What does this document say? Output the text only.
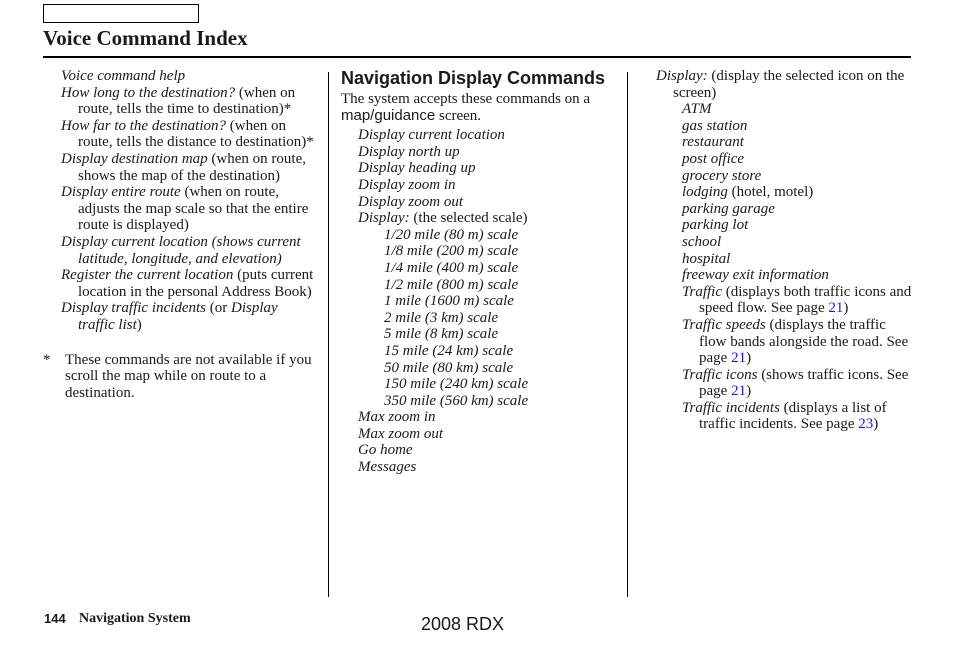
Voice Command Index
Voice command help
How long to the destination? (when on route, tells the time to destination)*
How far to the destination? (when on route, tells the distance to destination)*
Display destination map (when on route, shows the map of the destination)
Display entire route (when on route, adjusts the map scale so that the entire route is displayed)
Display current location (shows current latitude, longitude, and elevation)
Register the current location (puts current location in the personal Address Book)
Display traffic incidents (or Display traffic list)
* These commands are not available if you scroll the map while on route to a destination.
Navigation Display Commands
The system accepts these commands on a map/guidance screen.
Display current location
Display north up
Display heading up
Display zoom in
Display zoom out
Display: (the selected scale)
1/20 mile (80 m) scale
1/8 mile (200 m) scale
1/4 mile (400 m) scale
1/2 mile (800 m) scale
1 mile (1600 m) scale
2 mile (3 km) scale
5 mile (8 km) scale
15 mile (24 km) scale
50 mile (80 km) scale
150 mile (240 km) scale
350 mile (560 km) scale
Max zoom in
Max zoom out
Go home
Messages
Display: (display the selected icon on the screen)
ATM
gas station
restaurant
post office
grocery store
lodging (hotel, motel)
parking garage
parking lot
school
hospital
freeway exit information
Traffic (displays both traffic icons and speed flow. See page 21)
Traffic speeds (displays the traffic flow bands alongside the road. See page 21)
Traffic icons (shows traffic icons. See page 21)
Traffic incidents (displays a list of traffic incidents. See page 23)
144 Navigation System	2008 RDX
